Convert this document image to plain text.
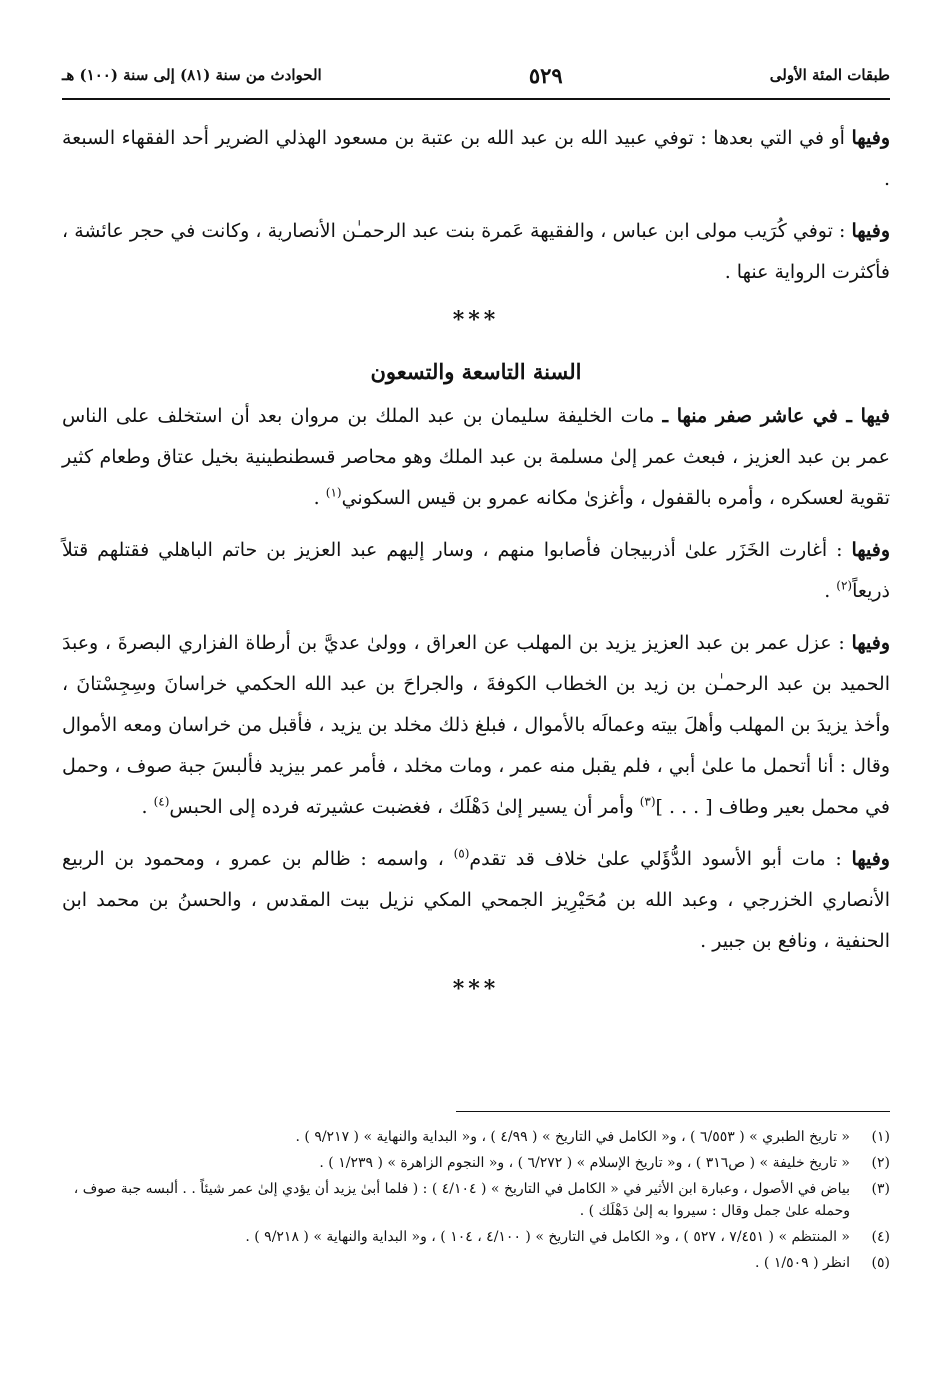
طبقات المئة الأولى
٥٢٩
الحوادث من سنة (٨١) إلى سنة (١٠٠) هـ

وفيها أو في التي بعدها : توفي عبيد الله بن عبد الله بن عتبة بن مسعود الهذلي الضرير أحد الفقهاء السبعة .

وفيها : توفي كُرَيب مولى ابن عباس ، والفقيهة عَمرة بنت عبد الرحمـٰن الأنصارية ، وكانت في حجر عائشة ، فأكثرت الرواية عنها .

***
السنة التاسعة والتسعون

فيها ـ في عاشر صفر منها ـ مات الخليفة سليمان بن عبد الملك بن مروان بعد أن استخلف على الناس عمر بن عبد العزيز ، فبعث عمر إلىٰ مسلمة بن عبد الملك وهو محاصر قسطنطينية بخيل عتاق وطعام كثير تقوية لعسكره ، وأمره بالقفول ، وأغزىٰ مكانه عمرو بن قيس السكوني$^{(١)}$ .

وفيها : أغارت الخَزَر علىٰ أذربيجان فأصابوا منهم ، وسار إليهم عبد العزيز بن حاتم الباهلي فقتلهم قتلاً ذريعاً$^{(٢)}$ .

وفيها : عزل عمر بن عبد العزيز يزيد بن المهلب عن العراق ، وولىٰ عديَّ بن أرطاة الفزاري البصرةَ ، وعبدَ الحميد بن عبد الرحمـٰن بن زيد بن الخطاب الكوفةَ ، والجراحَ بن عبد الله الحكمي خراسانَ وسِجِسْتانَ ، وأخذ يزيدَ بن المهلب وأهلَ بيته وعمالَه بالأموال ، فبلغ ذلك مخلد بن يزيد ، فأقبل من خراسان ومعه الأموال وقال : أنا أتحمل ما علىٰ أبي ، فلم يقبل منه عمر ، ومات مخلد ، فأمر عمر بيزيد فألبسَ جبة صوف ، وحمل في محمل بعير وطاف [ . . . ]$^{(٣)}$ وأمر أن يسير إلىٰ دَهْلَك ، فغضبت عشيرته فرده إلى الحبس$^{(٤)}$ .

وفيها : مات أبو الأسود الدُّؤَلي علىٰ خلاف قد تقدم$^{(٥)}$ ، واسمه : ظالم بن عمرو ، ومحمود بن الربيع الأنصاري الخزرجي ، وعبد الله بن مُحَيْرِيز الجمحي المكي نزيل بيت المقدس ، والحسنُ بن محمد ابن الحنفية ، ونافع بن جبير .

***
(١)
« تاريخ الطبري » ( ٦/٥٥٣ ) ، و« الكامل في التاريخ » ( ٤/٩٩ ) ، و« البداية والنهاية » ( ٩/٢١٧ ) .
(٢)
« تاريخ خليفة » ( ص٣١٦ ) ، و« تاريخ الإسلام » ( ٦/٢٧٢ ) ، و« النجوم الزاهرة » ( ١/٢٣٩ ) .
(٣)
بياض في الأصول ، وعبارة ابن الأثير في « الكامل في التاريخ » ( ٤/١٠٤ ) : ( فلما أبىٰ يزيد أن يؤدي إلىٰ عمر شيئاً . . ألبسه جبة صوف ، وحمله علىٰ جمل وقال : سيروا به إلىٰ دَهْلَك ) .
(٤)
« المنتظم » ( ٧/٤٥١ ، ٥٢٧ ) ، و« الكامل في التاريخ » ( ٤/١٠٠ ، ١٠٤ ) ، و« البداية والنهاية » ( ٩/٢١٨ ) .
(٥)
انظر ( ١/٥٠٩ ) .
